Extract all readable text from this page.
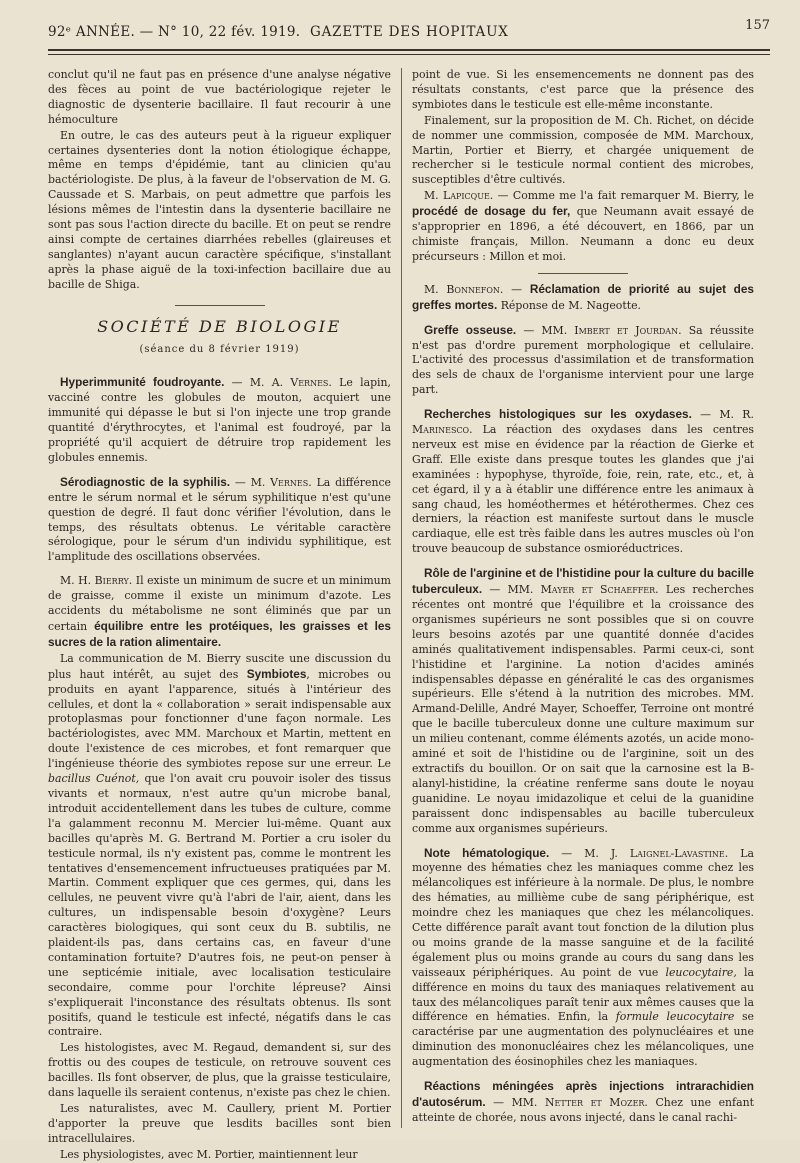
92ᵉ ANNÉE. — N° 10, 22 fév. 1919. GAZETTE DES HOPITAUX	157

conclut qu'il ne faut pas en présence d'une analyse négative des fèces au point de vue bactériologique rejeter le diagnostic de dysenterie bacillaire. Il faut recourir à une hémoculture

En outre, le cas des auteurs peut à la rigueur expliquer certaines dysenteries dont la notion étiologique échappe, même en temps d'épidémie, tant au clinicien qu'au bactériologiste. De plus, à la faveur de l'observation de M. G. Caussade et S. Marbais, on peut admettre que parfois les lésions mêmes de l'intestin dans la dysenterie bacillaire ne sont pas sous l'action directe du bacille. Et on peut se rendre ainsi compte de certaines diarrhées rebelles (glaireuses et sanglantes) n'ayant aucun caractère spécifique, s'installant après la phase aiguë de la toxi-infection bacillaire due au bacille de Shiga.

SOCIÉTÉ DE BIOLOGIE
(séance du 8 février 1919)

Hyperimmunité foudroyante. — M. A. Vernes. Le lapin, vacciné contre les globules de mouton, acquiert une immunité qui dépasse le but si l'on injecte une trop grande quantité d'érythrocytes, et l'animal est foudroyé, par la propriété qu'il acquiert de détruire trop rapidement les globules ennemis.

Sérodiagnostic de la syphilis. — M. Vernes. La différence entre le sérum normal et le sérum syphilitique n'est qu'une question de degré. Il faut donc vérifier l'évolution, dans le temps, des résultats obtenus. Le véritable caractère sérologique, pour le sérum d'un individu syphilitique, est l'amplitude des oscillations observées.

M. H. Bierry. Il existe un minimum de sucre et un minimum de graisse, comme il existe un minimum d'azote. Les accidents du métabolisme ne sont éliminés que par un certain équilibre entre les protéiques, les graisses et les sucres de la ration alimentaire.

La communication de M. Bierry suscite une discussion du plus haut intérêt, au sujet des Symbiotes, microbes ou produits en ayant l'apparence, situés à l'intérieur des cellules, et dont la « collaboration » serait indispensable aux protoplasmas pour fonctionner d'une façon normale. Les bactériologistes, avec MM. Marchoux et Martin, mettent en doute l'existence de ces microbes, et font remarquer que l'ingénieuse théorie des symbiotes repose sur une erreur. Le bacillus Cuénot, que l'on avait cru pouvoir isoler des tissus vivants et normaux, n'est autre qu'un microbe banal, introduit accidentellement dans les tubes de culture, comme l'a galamment reconnu M. Mercier lui-même. Quant aux bacilles qu'après M. G. Bertrand M. Portier a cru isoler du testicule normal, ils n'y existent pas, comme le montrent les tentatives d'ensemencement infructueuses pratiquées par M. Martin. Comment expliquer que ces germes, qui, dans les cellules, ne peuvent vivre qu'à l'abri de l'air, aient, dans les cultures, un indispensable besoin d'oxygène? Leurs caractères biologiques, qui sont ceux du B. subtilis, ne plaident-ils pas, dans certains cas, en faveur d'une contamination fortuite? D'autres fois, ne peut-on penser à une septicémie initiale, avec localisation testiculaire secondaire, comme pour l'orchite lépreuse? Ainsi s'expliquerait l'inconstance des résultats obtenus. Ils sont positifs, quand le testicule est infecté, négatifs dans le cas contraire.

Les histologistes, avec M. Regaud, demandent si, sur des frottis ou des coupes de testicule, on retrouve souvent ces bacilles. Ils font observer, de plus, que la graisse testiculaire, dans laquelle ils seraient contenus, n'existe pas chez le chien.

Les naturalistes, avec M. Caullery, prient M. Portier d'apporter la preuve que lesdits bacilles sont bien intracellulaires.

Les physiologistes, avec M. Portier, maintiennent leur

point de vue. Si les ensemencements ne donnent pas des résultats constants, c'est parce que la présence des symbiotes dans le testicule est elle-même inconstante.

Finalement, sur la proposition de M. Ch. Richet, on décide de nommer une commission, composée de MM. Marchoux, Martin, Portier et Bierry, et chargée uniquement de rechercher si le testicule normal contient des microbes, susceptibles d'être cultivés.

M. Lapicque. — Comme me l'a fait remarquer M. Bierry, le procédé de dosage du fer, que Neumann avait essayé de s'approprier en 1896, a été découvert, en 1866, par un chimiste français, Millon. Neumann a donc eu deux précurseurs : Millon et moi.

M. Bonnefon. — Réclamation de priorité au sujet des greffes mortes. Réponse de M. Nageotte.

Greffe osseuse. — MM. Imbert et Jourdan. Sa réussite n'est pas d'ordre purement morphologique et cellulaire. L'activité des processus d'assimilation et de transformation des sels de chaux de l'organisme intervient pour une large part.

Recherches histologiques sur les oxydases. — M. R. Marinesco. La réaction des oxydases dans les centres nerveux est mise en évidence par la réaction de Gierke et Graff. Elle existe dans presque toutes les glandes que j'ai examinées : hypophyse, thyroïde, foie, rein, rate, etc., et, à cet égard, il y a à établir une différence entre les animaux à sang chaud, les homéothermes et hétérothermes. Chez ces derniers, la réaction est manifeste surtout dans le muscle cardiaque, elle est très faible dans les autres muscles où l'on trouve beaucoup de substance osmioréductrices.

Rôle de l'arginine et de l'histidine pour la culture du bacille tuberculeux. — MM. Mayer et Schaeffer. Les recherches récentes ont montré que l'équilibre et la croissance des organismes supérieurs ne sont possibles que si on couvre leurs besoins azotés par une quantité donnée d'acides aminés qualitativement indispensables. Parmi ceux-ci, sont l'histidine et l'arginine. La notion d'acides aminés indispensables dépasse en généralité le cas des organismes supérieurs. Elle s'étend à la nutrition des microbes. MM. Armand-Delille, André Mayer, Schoeffer, Terroine ont montré que le bacille tuberculeux donne une culture maximum sur un milieu contenant, comme éléments azotés, un acide mono-aminé et soit de l'histidine ou de l'arginine, soit un des extractifs du bouillon. Or on sait que la carnosine est la B-alanyl-histidine, la créatine renferme sans doute le noyau guanidine. Le noyau imidazolique et celui de la guanidine paraissent donc indispensables au bacille tuberculeux comme aux organismes supérieurs.

Note hématologique. — M. J. Laignel-Lavastine. La moyenne des hématies chez les maniaques comme chez les mélancoliques est inférieure à la normale. De plus, le nombre des hématies, au millième cube de sang périphérique, est moindre chez les maniaques que chez les mélancoliques. Cette différence paraît avant tout fonction de la dilution plus ou moins grande de la masse sanguine et de la facilité également plus ou moins grande au cours du sang dans les vaisseaux périphériques. Au point de vue leucocytaire, la différence en moins du taux des maniaques relativement au taux des mélancoliques paraît tenir aux mêmes causes que la différence en hématies. Enfin, la formule leucocytaire se caractérise par une augmentation des polynucléaires et une diminution des mononucléaires chez les mélancoliques, une augmentation des éosinophiles chez les maniaques.

Réactions méningées après injections intrarachidien d'autosérum. — MM. Netter et Mozer. Chez une enfant atteinte de chorée, nous avons injecté, dans le canal rachi-
